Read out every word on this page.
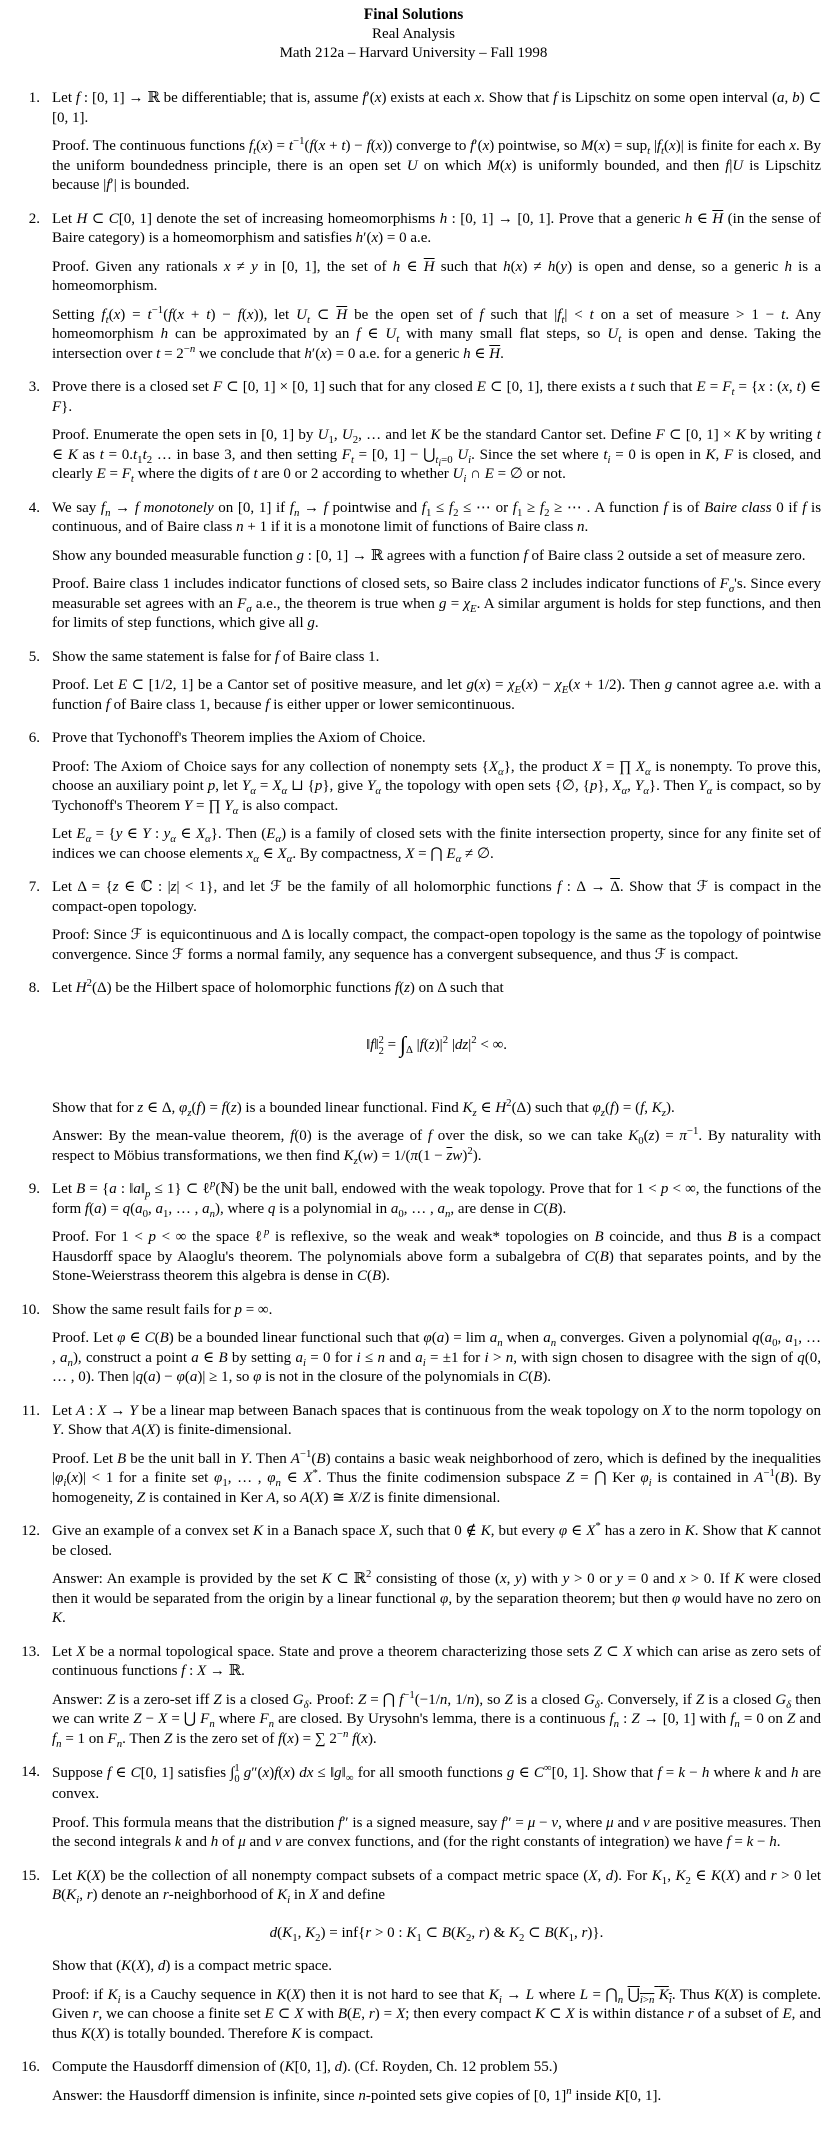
Final Solutions
Real Analysis
Math 212a – Harvard University – Fall 1998
1. Let f : [0, 1] → ℝ be differentiable; that is, assume f′(x) exists at each x. Show that f is Lipschitz on some open interval (a, b) ⊂ [0, 1].

Proof. The continuous functions $f_t(x) = t^{-1}(f(x + t) - f(x))$ converge to f′(x) pointwise, so M(x) = sup$_t$ $|f_t(x)|$ is finite for each x. By the uniform boundedness principle, there is an open set U on which M(x) is uniformly bounded, and then f|U is Lipschitz because |f′| is bounded.

2. Let H ⊂ C[0, 1] denote the set of increasing homeomorphisms h : [0, 1] → [0, 1]. Prove that a generic h ∈ $\overline{H}$ (in the sense of Baire category) is a homeomorphism and satisfies h′(x) = 0 a.e.

Proof. Given any rationals x ≠ y in [0, 1], the set of h ∈ $\overline{H}$ such that h(x) ≠ h(y) is open and dense, so a generic h is a homeomorphism.

Setting $f_t(x) = t^{-1}(f(x + t) - f(x))$, let $U_t$ ⊂ $\overline{H}$ be the open set of f such that $|f_t| < t$ on a set of measure > 1 − t. Any homeomorphism h can be approximated by an f ∈ $U_t$ with many small flat steps, so $U_t$ is open and dense. Taking the intersection over $t = 2^{-n}$ we conclude that h′(x) = 0 a.e. for a generic h ∈ $\overline{H}$.

3. Prove there is a closed set F ⊂ [0, 1] × [0, 1] such that for any closed E ⊂ [0, 1], there exists a t such that $E = F_t = \{x$ : (x, t) ∈ F}.

Proof. Enumerate the open sets in [0, 1] by $U_1$, $U_2$, … and let K be the standard Cantor set. Define F ⊂ [0, 1] × K by writing t ∈ K as $t = 0.t_1t_2$ … in base 3, and then setting $F_t = [0$, $1] - ⋃_{t_i=0}$ $U_i$. Since the set where $t_i = 0$ is open in K, F is closed, and clearly $E = F_t$ where the digits of t are 0 or 2 according to whether $U_i$ ∩ E = ∅ or not.

4. We say $f_n \to f$ monotonely on [0, 1] if $f_n \to f$ pointwise and $f_1 \le f_2$ ≤ ⋯ or $f_1 \ge f_2$ ≥ ⋯ . A function f is of Baire class 0 if f is continuous, and of Baire class n + 1 if it is a monotone limit of functions of Baire class n.

Show any bounded measurable function g : [0, 1] → ℝ agrees with a function f of Baire class 2 outside a set of measure zero.

Proof. Baire class 1 includes indicator functions of closed sets, so Baire class 2 includes indicator functions of $F_\sigma's$. Since every measurable set agrees with an $F_\sigma$ a.e., the theorem is true when $g = \chi_E$. A similar argument is holds for step functions, and then for limits of step functions, which give all g.

5. Show the same statement is false for f of Baire class 1.

Proof. Let E ⊂ [1/2, 1] be a Cantor set of positive measure, and let $g(x) = \chi_E(x) - \chi_E(x + 1/2)$. Then g cannot agree a.e. with a function f of Baire class 1, because f is either upper or lower semicontinuous.

6. Prove that Tychonoff's Theorem implies the Axiom of Choice.

Proof: The Axiom of Choice says for any collection of nonempty sets $\{X_\alpha\}$, the product X = ∏ $X_\alpha$ is nonempty. To prove this, choose an auxiliary point p, let $Y_\alpha = X_\alpha$ ⊔ {p}, give $Y_\alpha$ the topology with open sets {∅, {p}, $X_\alpha$, $Y_\alpha$}. Then $Y_\alpha$ is compact, so by Tychonoff's Theorem Y = ∏ $Y_\alpha$ is also compact.

Let $E_\alpha = \{y$ ∈ Y : $y_\alpha$ ∈ $X_\alpha$}. Then $(E_\alpha)$ is a family of closed sets with the finite intersection property, since for any finite set of indices we can choose elements $x_\alpha$ ∈ $X_\alpha$. By compactness, X = ⋂ $E_\alpha$ ≠ ∅.

7. Let Δ = {z ∈ ℂ : |z| < 1}, and let ℱ be the family of all holomorphic functions f : $\Delta \to \overline{\Delta}$. Show that ℱ is compact in the compact-open topology.

Proof: Since ℱ is equicontinuous and Δ is locally compact, the compact-open topology is the same as the topology of pointwise convergence. Since ℱ forms a normal family, any sequence has a convergent subsequence, and thus ℱ is compact.

8. Let $H^2(\Delta)$ be the Hilbert space of holomorphic functions f(z) on Δ such that

‖f‖ 2
$2 = \int_\Delta$ $|f(z)|^2$ $|dz|^2$ < ∞.

Show that for z ∈ Δ, $\varphi_z(f) = f(z)$ is a bounded linear functional. Find $K_z$ ∈ $H^2(\Delta)$ such that $\varphi_z(f) = (f$, $K_z$).

Answer: By the mean-value theorem, f(0) is the average of f over the disk, so we can take $K_0(z) = \pi^{-1}$. By naturality with respect to Möbius transformations, we then find $K_z(w) = 1/(\pi(1 - \overline{z}w)^2)$.

9. Let B = {a : $‖a‖_p \le 1$} ⊂ ℓ$^p$(ℕ) be the unit ball, endowed with the weak topology. Prove that for 1 < p < ∞, the functions of the form $f(a) = q(a_0$, $a_1$, … , $a_n$), where q is a polynomial in $a_0$, … , $a_n$, are dense in C(B).

Proof. For 1 < p < ∞ the space ℓ$^p$ is reflexive, so the weak and weak* topologies on B coincide, and thus B is a compact Hausdorff space by Alaoglu's theorem. The polynomials above form a subalgebra of C(B) that separates points, and by the Stone-Weierstrass theorem this algebra is dense in C(B).

10. Show the same result fails for p = ∞.

Proof. Let φ ∈ C(B) be a bounded linear functional such that $\varphi(a) = \lim a_n$ when $a_n$ converges. Given a polynomial $q(a_0$, $a_1$, … , $a_n$), construct a point a ∈ B by setting $a_i = 0$ for i ≤ n and $a_i = \pm 1$ for i > n, with sign chosen to disagree with the sign of q(0, … , 0). Then |q(a) − φ(a)| ≥ 1, so φ is not in the closure of the polynomials in C(B).

11. Let A : X → Y be a linear map between Banach spaces that is continuous from the weak topology on X to the norm topology on Y. Show that A(X) is finite-dimensional.

Proof. Let B be the unit ball in Y. Then $A^{-1}(B)$ contains a basic weak neighborhood of zero, which is defined by the inequalities $|\varphi_i(x)| < 1$ for a finite set $\varphi_1$, … , $\varphi_n$ ∈ X*. Thus the finite codimension subspace Z = ⋂ Ker $\varphi_i$ is contained in $A^{-1}(B)$. By homogeneity, Z is contained in Ker A, so A(X) ≅ X/Z is finite dimensional.

12. Give an example of a convex set K in a Banach space X, such that 0 ∉ K, but every φ ∈ X* has a zero in K. Show that K cannot be closed.

Answer: An example is provided by the set K ⊂ ℝ$^2$ consisting of those (x, y) with y > 0 or y = 0 and x > 0. If K were closed then it would be separated from the origin by a linear functional φ, by the separation theorem; but then φ would have no zero on K.

13. Let X be a normal topological space. State and prove a theorem characterizing those sets Z ⊂ X which can arise as zero sets of continuous functions f : X → ℝ.

Answer: Z is a zero-set iff Z is a closed $G_\delta$. Proof: Z = ⋂ $f^{-1}(-1/n$, 1/n), so Z is a closed $G_\delta$. Conversely, if Z is a closed $G_\delta$ then we can write Z − X = ⋃ $F_n$ where $F_n$ are closed. By Urysohn's lemma, there is a continuous $f_n$ : Z → [0, 1] with $f_n = 0$ on Z and $f_n = 1$ on $F_n$. Then Z is the zero set of f(x) = ∑ $2^{-n}$ f(x).

14. Suppose f ∈ C[0, 1] satisfies ∫ 1
0 g″(x)f(x) dx ≤ $‖g‖_\infty$ for all smooth functions g ∈ C∞[0, 1]. Show that f = k − h where k and h are convex.

Proof. This formula means that the distribution f″ is a signed measure, say f″ = μ − ν, where μ and ν are positive measures. Then the second integrals k and h of μ and ν are convex functions, and (for the right constants of integration) we have f = k − h.

15. Let K(X) be the collection of all nonempty compact subsets of a compact metric space (X, d). For $K_1$, $K_2$ ∈ K(X) and r > 0 let $B(K_i$, r) denote an r-neighborhood of $K_i$ in X and define

$d(K_1$, $K_2) = inf\{r > 0$ : $K_1$ ⊂ $B(K_2$, r) & $K_2$ ⊂ $B(K_1$, r)}.

Show that (K(X), d) is a compact metric space.

Proof: if $K_i$ is a Cauchy sequence in K(X) then it is not hard to see that $K_i \to L$ where $L = ⋂_n$ $⋃_{i>n}$ $K_i$. Thus K(X) is complete. Given r, we can choose a finite set E ⊂ X with B(E, r) = X; then every compact K ⊂ X is within distance r of a subset of E, and thus K(X) is totally bounded. Therefore K is compact.

16. Compute the Hausdorff dimension of (K[0, 1], d). (Cf. Royden, Ch. 12 problem 55.)

Answer: the Hausdorff dimension is infinite, since n-pointed sets give copies of [0, 1]$^n$ inside K[0, 1].
